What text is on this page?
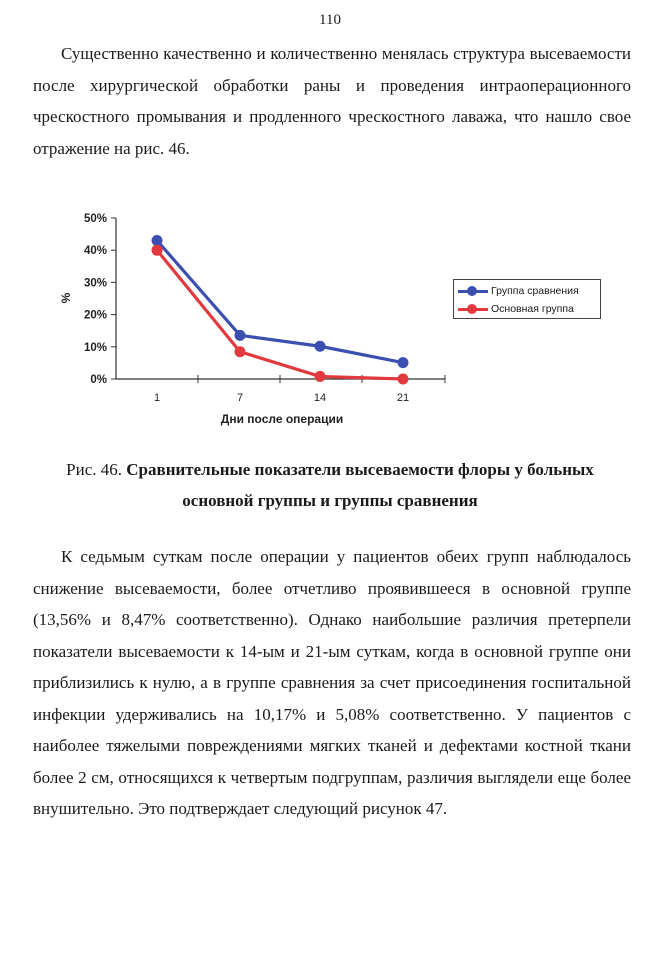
110

Существенно качественно и количественно менялась структура высеваемости после хирургической обработки раны и проведения интраоперационного чрескостного промывания и продленного чрескостного лаважа, что нашло свое отражение на рис. 46.

0%
10%
20%
30%
40%
50%
1	7	14	21
Дни после операции
%
Группа сравнения
Основная группа
Рис. 46. Сравнительные показатели высеваемости флоры у больных основной группы и группы сравнения

К седьмым суткам после операции у пациентов обеих групп наблюдалось снижение высеваемости, более отчетливо проявившееся в основной группе (13,56% и 8,47% соответственно). Однако наибольшие различия претерпели показатели высеваемости к 14-ым и 21-ым суткам, когда в основной группе они приблизились к нулю, а в группе сравнения за счет присоединения госпитальной инфекции удерживались на 10,17% и 5,08% соответственно. У пациентов с наиболее тяжелыми повреждениями мягких тканей и дефектами костной ткани более 2 см, относящихся к четвертым подгруппам, различия выглядели еще более внушительно. Это подтверждает следующий рисунок 47.
